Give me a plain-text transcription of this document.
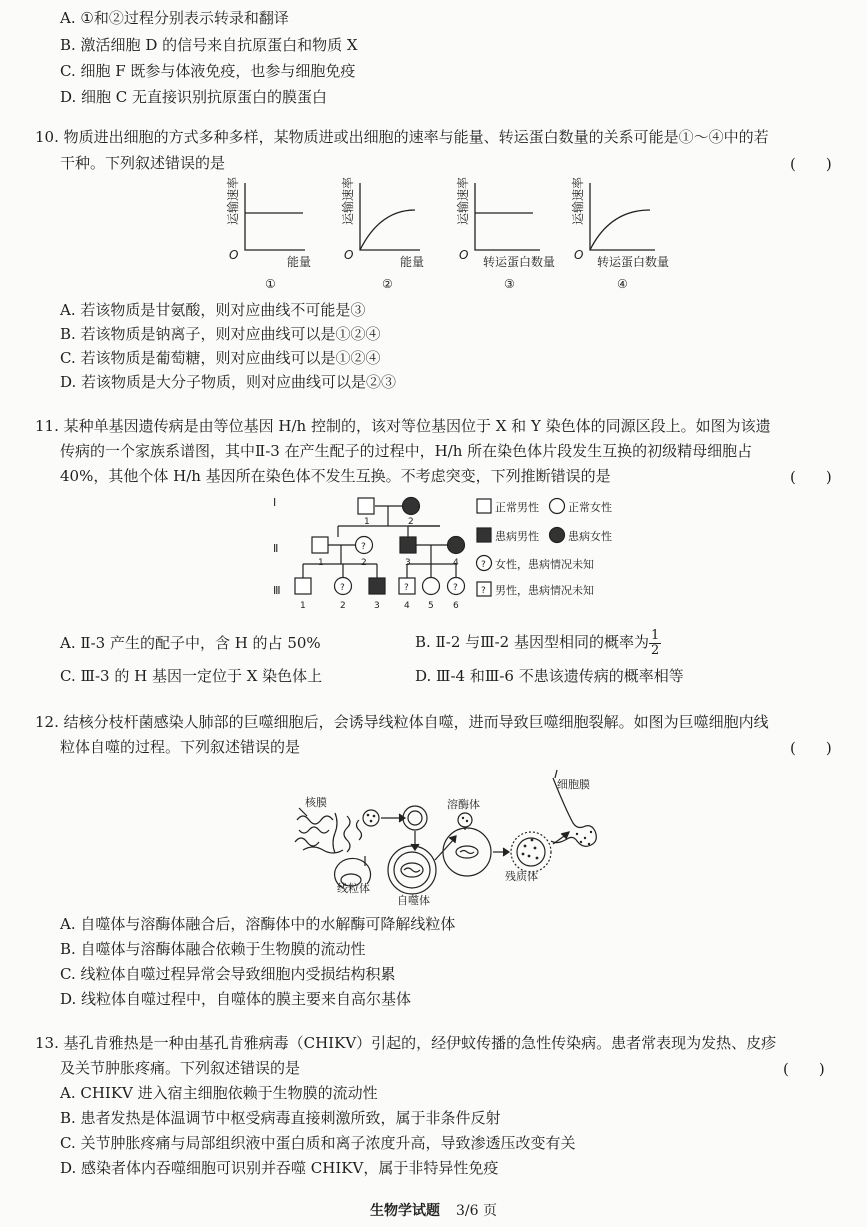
A. ①和②过程分别表示转录和翻译
B. 激活细胞 D 的信号来自抗原蛋白和物质 X
C. 细胞 F 既参与体液免疫，也参与细胞免疫
D. 细胞 C 无直接识别抗原蛋白的膜蛋白
10. 物质进出细胞的方式多种多样，某物质进或出细胞的速率与能量、转运蛋白数量的关系可能是①～④中的若
干种。下列叙述错误的是	(　　)
运输速率	运输速率	运输速率	运输速率
O	O	O	O
能量	能量	转运蛋白数量	转运蛋白数量
①	②	③	④
A. 若该物质是甘氨酸，则对应曲线不可能是③
B. 若该物质是钠离子，则对应曲线可以是①②④
C. 若该物质是葡萄糖，则对应曲线可以是①②④
D. 若该物质是大分子物质，则对应曲线可以是②③
11. 某种单基因遗传病是由等位基因 H/h 控制的，该对等位基因位于 X 和 Y 染色体的同源区段上。如图为该遗
传病的一个家族系谱图，其中Ⅱ-3 在产生配子的过程中，H/h 所在染色体片段发生互换的初级精母细胞占
40%，其他个体 H/h 基因所在染色体不发生互换。不考虑突变，下列推断错误的是	(　　)
Ⅰ
Ⅱ
Ⅲ
1	2
?
1	2	3	4
?	?	?
1	2	3	4 5 6
正常男性	正常女性
患病男性	患病女性
? 女性，患病情况未知
? 男性，患病情况未知
A. Ⅱ-3 产生的配子中，含 H 的占 50%	B. Ⅱ-2 与Ⅲ-2 基因型相同的概率为 $\frac{1}{2}$
C. Ⅲ-3 的 H 基因一定位于 X 染色体上	D. Ⅲ-4 和Ⅲ-6 不患该遗传病的概率相等
12. 结核分枝杆菌感染人肺部的巨噬细胞后，会诱导线粒体自噬，进而导致巨噬细胞裂解。如图为巨噬细胞内线
粒体自噬的过程。下列叙述错误的是	(　　)
核膜
线粒体
自噬体
溶酶体
残质体
细胞膜
A. 自噬体与溶酶体融合后，溶酶体中的水解酶可降解线粒体
B. 自噬体与溶酶体融合依赖于生物膜的流动性
C. 线粒体自噬过程异常会导致细胞内受损结构积累
D. 线粒体自噬过程中，自噬体的膜主要来自高尔基体
13. 基孔肯雅热是一种由基孔肯雅病毒（CHIKV）引起的，经伊蚊传播的急性传染病。患者常表现为发热、皮疹
及关节肿胀疼痛。下列叙述错误的是	(　　)
A. CHIKV 进入宿主细胞依赖于生物膜的流动性
B. 患者发热是体温调节中枢受病毒直接刺激所致，属于非条件反射
C. 关节肿胀疼痛与局部组织液中蛋白质和离子浓度升高，导致渗透压改变有关
D. 感染者体内吞噬细胞可识别并吞噬 CHIKV，属于非特异性免疫
生物学试题 3/6 页
